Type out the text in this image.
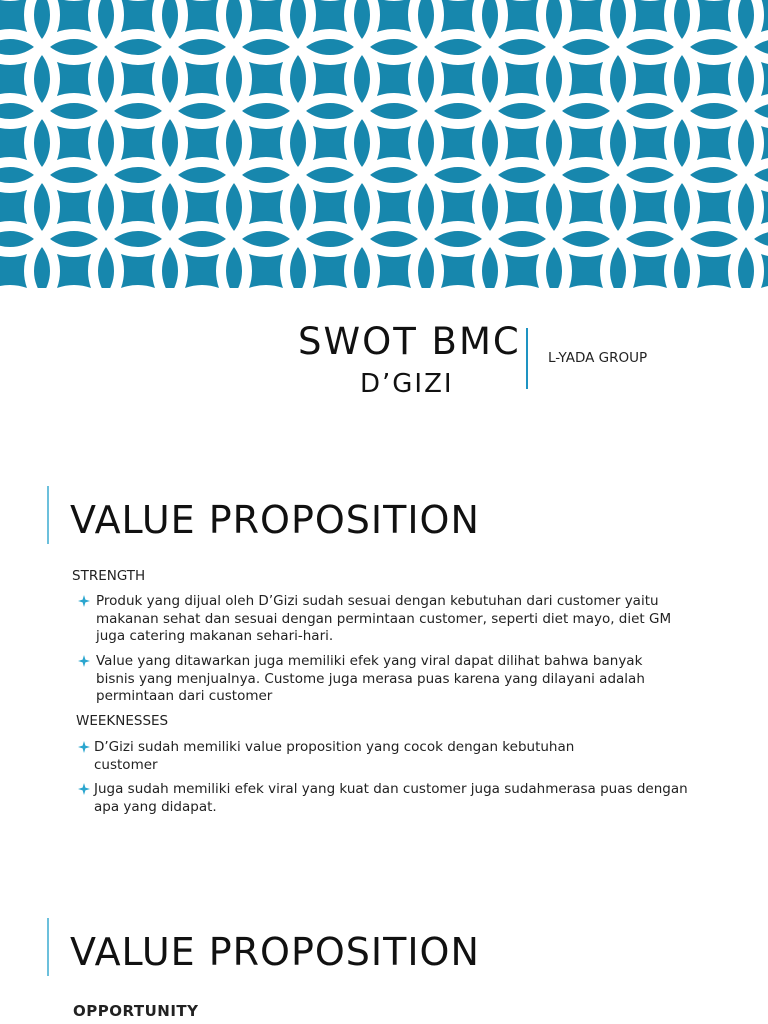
SWOT BMC
D’GIZI
L-YADA GROUP
VALUE PROPOSITION
STRENGTH
Produk yang dijual oleh D’Gizi sudah sesuai dengan kebutuhan dari customer yaitu makanan sehat dan sesuai dengan permintaan customer, seperti diet mayo, diet GM juga catering makanan sehari-hari.
Value yang ditawarkan juga memiliki efek yang viral dapat dilihat bahwa banyak bisnis yang menjualnya. Custome juga merasa puas karena yang dilayani adalah permintaan dari customer
WEEKNESSES
D’Gizi sudah memiliki value proposition yang cocok dengan kebutuhan customer
Juga sudah memiliki efek viral yang kuat dan customer juga sudahmerasa puas dengan apa yang didapat.
VALUE PROPOSITION
OPPORTUNITY
